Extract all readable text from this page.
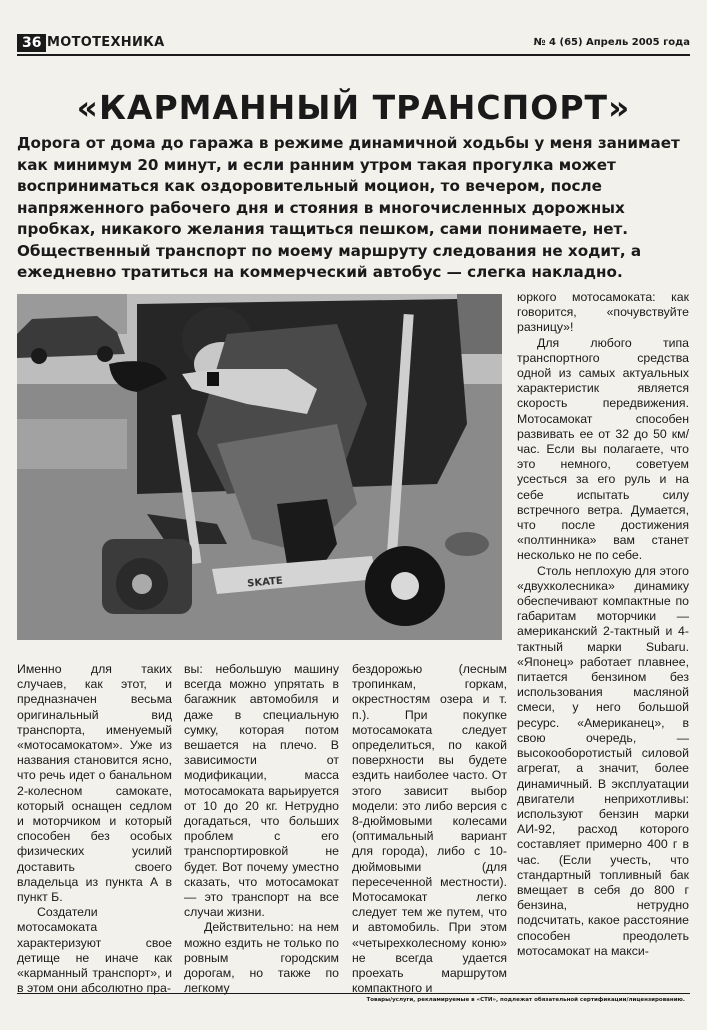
36 МОТОТЕХНИКА	№ 4 (65) Апрель 2005 года
«КАРМАННЫЙ ТРАНСПОРТ»

Дорога от дома до гаража в режиме динамичной ходьбы у меня занимает как минимум 20 минут, и если ранним утром такая прогулка может восприниматься как оздоровительный моцион, то вечером, после напряженного рабочего дня и стояния в многочисленных дорожных пробках, никакого желания тащиться пешком, сами понимаете, нет. Общественный транспорт по моему маршруту следования не ходит, а ежедневно тратиться на коммерческий автобус — слегка накладно.

SKATE

Именно для таких случаев, как этот, и предназначен весьма оригинальный вид транспорта, именуемый «мотосамокатом». Уже из названия становится ясно, что речь идет о банальном 2-колесном самокате, который оснащен седлом и моторчиком и который способен без особых физических усилий доставить своего владельца из пункта А в пункт Б.

Создатели мотосамоката характеризуют свое детище не иначе как «карманный транспорт», и в этом они абсолютно пра-

вы: небольшую машину всегда можно упрятать в багажник автомобиля и даже в специальную сумку, которая потом вешается на плечо. В зависимости от модификации, масса мотосамоката варьируется от 10 до 20 кг. Нетрудно догадаться, что больших проблем с его транспортировкой не будет. Вот почему уместно сказать, что мотосамокат — это транспорт на все случаи жизни.

Действительно: на нем можно ездить не только по ровным городским дорогам, но также по легкому

бездорожью (лесным тропинкам, горкам, окрестностям озера и т. п.). При покупке мотосамоката следует определиться, по какой поверхности вы будете ездить наиболее часто. От этого зависит выбор модели: это либо версия с 8-дюймовыми колесами (оптимальный вариант для города), либо с 10-дюймовыми (для пересеченной местности). Мотосамокат легко следует тем же путем, что и автомобиль. При этом «четырехколесному коню» не всегда удается проехать маршрутом компактного и

юркого мотосамоката: как говорится, «почувствуйте разницу»!

Для любого типа транспортного средства одной из самых актуальных характеристик является скорость передвижения. Мотосамокат способен развивать ее от 32 до 50 км/час. Если вы полагаете, что это немного, советуем усесться за его руль и на себе испытать силу встречного ветра. Думается, что после достижения «полтинника» вам станет несколько не по себе.

Столь неплохую для этого «двухколесника» динамику обеспечивают компактные по габаритам моторчики — американский 2-тактный и 4-тактный марки Subaru. «Японец» работает плавнее, питается бензином без использования масляной смеси, у него большой ресурс. «Американец», в свою очередь, — высокооборотистый силовой агрегат, а значит, более динамичный. В эксплуатации двигатели неприхотливы: используют бензин марки АИ-92, расход которого составляет примерно 400 г в час. (Если учесть, что стандартный топливный бак вмещает в себя до 800 г бензина, нетрудно подсчитать, какое расстояние способен преодолеть мотосамокат на макси-

Товары/услуги, рекламируемые в «СТИ», подлежат обязательной сертификации/лицензированию.
